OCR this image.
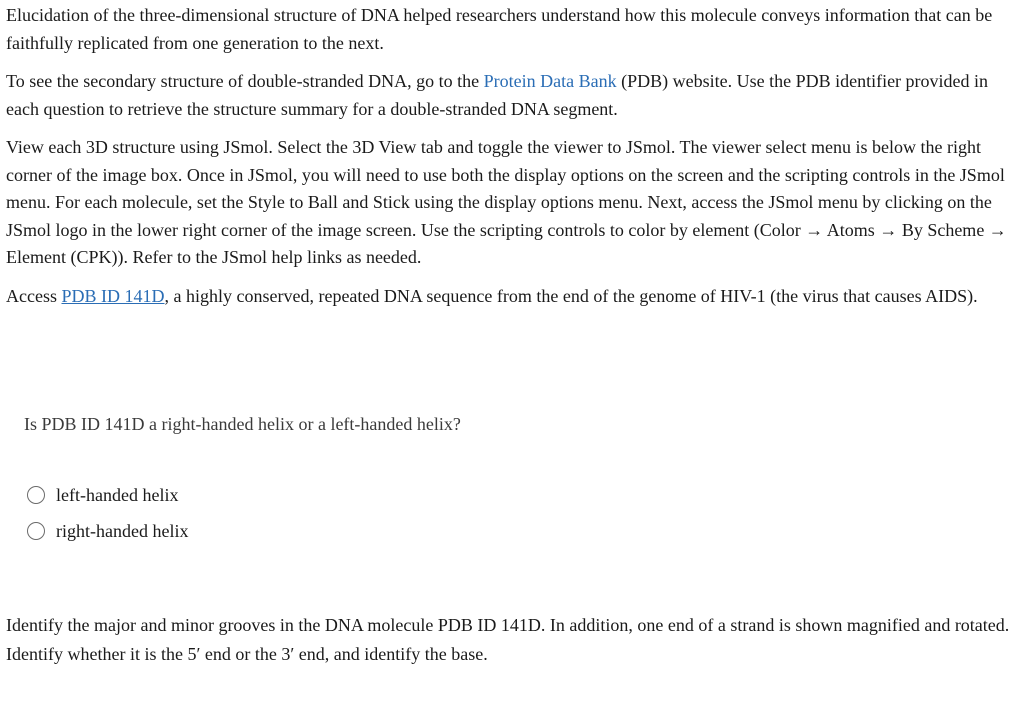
Elucidation of the three-dimensional structure of DNA helped researchers understand how this molecule conveys information that can be faithfully replicated from one generation to the next.

To see the secondary structure of double-stranded DNA, go to the Protein Data Bank (PDB) website. Use the PDB identifier provided in each question to retrieve the structure summary for a double-stranded DNA segment.

View each 3D structure using JSmol. Select the 3D View tab and toggle the viewer to JSmol. The viewer select menu is below the right corner of the image box. Once in JSmol, you will need to use both the display options on the screen and the scripting controls in the JSmol menu. For each molecule, set the Style to Ball and Stick using the display options menu. Next, access the JSmol menu by clicking on the JSmol logo in the lower right corner of the image screen. Use the scripting controls to color by element (Color → Atoms → By Scheme → Element (CPK)). Refer to the JSmol help links as needed.

Access PDB ID 141D, a highly conserved, repeated DNA sequence from the end of the genome of HIV-1 (the virus that causes AIDS).

Is PDB ID 141D a right-handed helix or a left-handed helix?
left-handed helix
right-handed helix

Identify the major and minor grooves in the DNA molecule PDB ID 141D. In addition, one end of a strand is shown magnified and rotated. Identify whether it is the 5′ end or the 3′ end, and identify the base.
